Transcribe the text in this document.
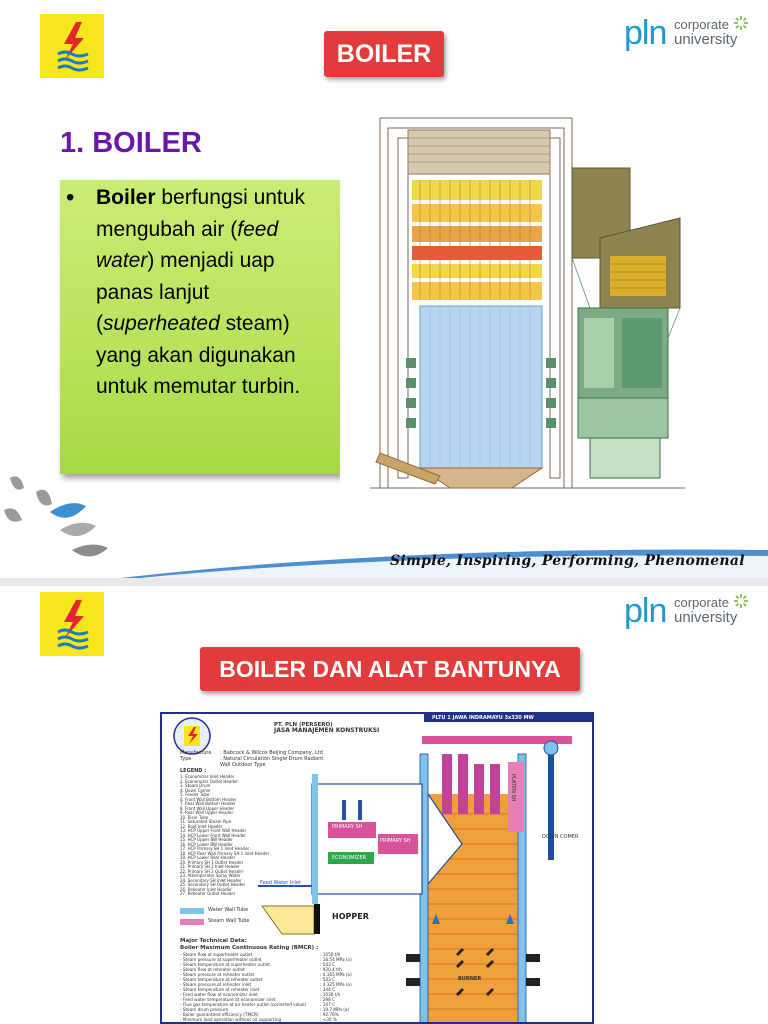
BOILER
pln corporate
university
1. BOILER
• Boiler berfungsi untuk mengubah air (feed water) menjadi uap panas lanjut (superheated steam) yang akan digunakan untuk memutar turbin.
Simple, Inspiring, Performing, Phenomenal
pln corporate
university
BOILER DAN ALAT BANTUNYA
PT. PLN (PERSERO)
JASA MANAJEMEN KONSTRUKSI
PLTU 1 JAWA INDRAMAYU 3x330 MW
Manufacture : Babcock & Wilcox Beijing Company, Ltd
Type	: Natural Circulation Single Drum Radiant Wall Outdoor Type
LEGEND :
1. Economizer Inlet Header
2. Economizer Outlet Header
3. Steam Drum
4. Down Comer
5. Feeder Tube
6. Front Wall Bottom Header
7. Rear Wall Bottom Header
8. Front Wall Upper Header
9. Rear Wall Upper Header
10. Riser Tube
11. Saturated Steam Pipe
12. Roof Inlet Header
13. HCP Upper Front Wall Header
14. HCP Lower Front Wall Header
15. HCP Upper BW Header
16. HCP Lower BW Header
17. HCP Primary SH 1 Inlet Header
18. HCP Rear Wall Primary SH 1 Inlet Header
19. HCP Lower Rear Header
20. Primary SH 1 Outlet Header
21. Primary SH 2 Inlet Header
22. Primary SH 2 Outlet Header
23. Attemperator Spray Water
24. Secondary SH Inlet Header
25. Secondary SH Outlet Header
26. Reheater Inlet Header
27. Reheater Outlet Header
Water Wall Tube
Steam Wall Tube
PRIMARY SH
ECONOMIZER
PRIMARY SH
HOPPER
Feed Water Inlet
PLATEN SH
DOWN COMER
BURNER
Major Technical Data:
Boiler Maximum Continuous Rating (BMCR) :
- Steam flow at superheater outlet	: 1050 t/h
- Steam pressure at superheater outlet	: 18.54 MPa (a)
- Steam temperature at superheater outlet	: 543 C
- Steam flow at reheater outlet	: 920.4 t/h
- Steam pressure at reheater outlet	: 4.165 MPa (a)
- Steam temperature at reheater outlet	: 543 C
- Steam pressure at reheater inlet	: 4.325 MPa (a)
- Steam temperature at reheater inlet	: 344 C
- Feed water flow at economizer inlet	: 1036 t/h
- Feed water temperature at economizer inlet	: 298 C
- Flue gas temperature at air heater outlet (corrected value)	: 147 C
- Steam drum pressure	: 19.7 MPa (a)
- Boiler guaranteed efficiency (TMCR)	: 92.76%
- Minimum load operation without oil supporting	: <30 %
